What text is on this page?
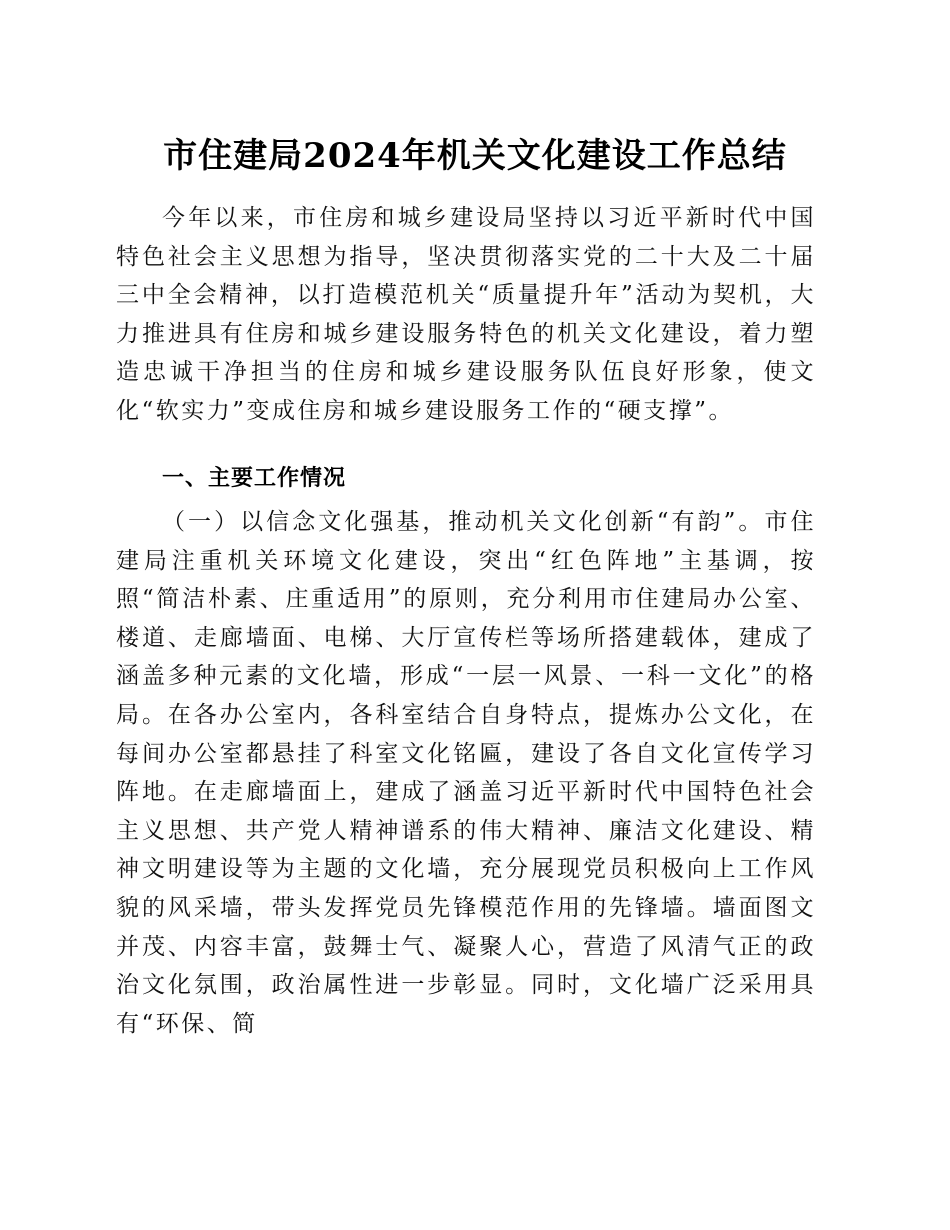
市住建局2024年机关文化建设工作总结

今年以来，市住房和城乡建设局坚持以习近平新时代中国特色社会主义思想为指导，坚决贯彻落实党的二十大及二十届三中全会精神，以打造模范机关“质量提升年”活动为契机，大力推进具有住房和城乡建设服务特色的机关文化建设，着力塑造忠诚干净担当的住房和城乡建设服务队伍良好形象，使文化“软实力”变成住房和城乡建设服务工作的“硬支撑”。

一、主要工作情况

（一）以信念文化强基，推动机关文化创新“有韵”。市住建局注重机关环境文化建设，突出“红色阵地”主基调，按照“简洁朴素、庄重适用”的原则，充分利用市住建局办公室、楼道、走廊墙面、电梯、大厅宣传栏等场所搭建载体，建成了涵盖多种元素的文化墙，形成“一层一风景、一科一文化”的格局。在各办公室内，各科室结合自身特点，提炼办公文化，在每间办公室都悬挂了科室文化铭匾，建设了各自文化宣传学习阵地。在走廊墙面上，建成了涵盖习近平新时代中国特色社会主义思想、共产党人精神谱系的伟大精神、廉洁文化建设、精神文明建设等为主题的文化墙，充分展现党员积极向上工作风貌的风采墙，带头发挥党员先锋模范作用的先锋墙。墙面图文并茂、内容丰富，鼓舞士气、凝聚人心，营造了风清气正的政治文化氛围，政治属性进一步彰显。同时，文化墙广泛采用具有“环保、简
